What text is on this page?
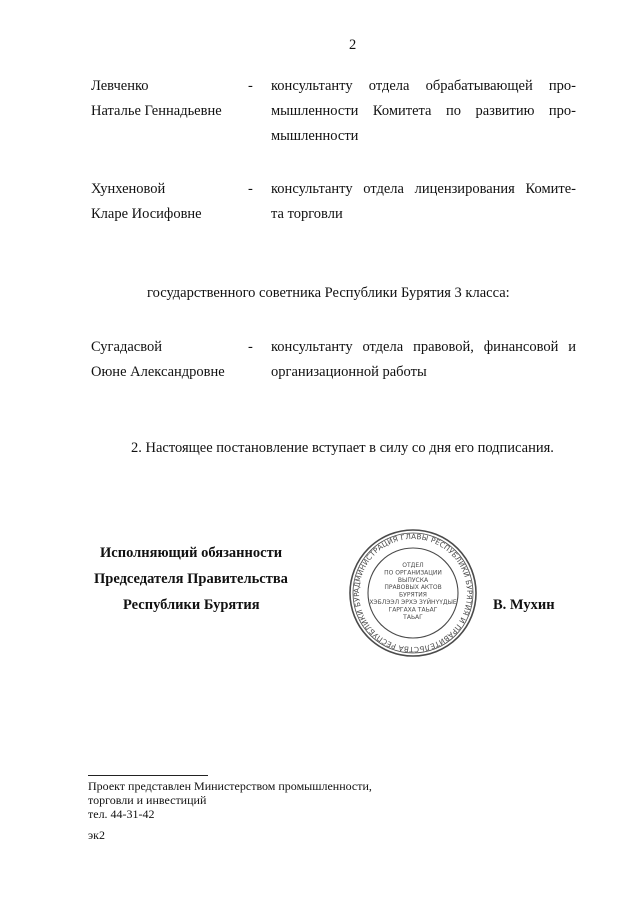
2
Левченко
Наталье Геннадьевне
- консультанту отдела обрабатывающей про-
мышленности Комитета по развитию про-
мышленности
Хунхеновой
Кларе Иосифовне
- консультанту отдела лицензирования Комите-
та торговли
государственного советника Республики Бурятия 3 класса:
Сугадасвой
Оюне Александровне
- консультанту отдела правовой, финансовой и
организационной работы
2. Настоящее постановление вступает в силу со дня его подписания.
Исполняющий обязанности
Председателя Правительства
Республики Бурятия	В. Мухин
АДМИНИСТРАЦИЯ ГЛАВЫ РЕСПУБЛИКИ БУРЯТИЯ И ПРАВИТЕЛЬСТВА РЕСПУБЛИКИ БУР
ОТДЕЛ
ПО ОРГАНИЗАЦИИ
ВЫПУСКА
ПРАВОВЫХ АКТОВ
БУРЯТИЯ
ХЭБЛЭЭЛ ЭРХЭ ЗҮЙНҮҮДЫЕ
ГАРГАХА ТАЬАГ
ТАЬАГ
Проект представлен Министерством промышленности,
торговли и инвестиций
тел. 44-31-42
эк2
